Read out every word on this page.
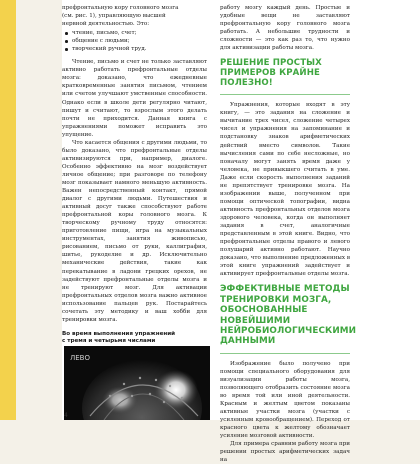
префронтальную кору головного мозга

(см. рис. 1), управляющую высшей

нервной деятельностью. Это:

чтение, письмо, счет;
общение с людьми;
творческий ручной труд.

Чтение, письмо и счет не только заставляют активно работать префронтальные отделы мозга: доказано, что ежедневные кратковременные занятия письмом, чтением или счетом улучшают умственные способности. Однако если в школе дети регулярно читают, пишут и считают, то взрослым этого делать почти не приходится. Данная книга с упражнениями поможет исправить это упущение.

Что касается общения с другими людьми, то было доказано, что префронтальные отделы активизируются при, например, диалоге. Особенно эффективно на мозг воздействует личное общение; при разговоре по телефону мозг показывает намного меньшую активность. Важен непосредственный контакт, прямой диалог с другими людьми. Путешествия и активный досуг также способствуют работе префронтальной коры головного мозга. К творческому ручному труду относятся: приготовление пищи, игра на музыкальных инструментах, занятия живописью, рисованием, письмо от руки, каллиграфия, шитье, рукоделие и др. Исключительно механические действия, такие как перекатывание в ладони грецких орехов, не задействуют префронтальные отделы мозга и не тренируют мозг. Для активации префронтальных отделов мозга важно активное использование пальцев рук. Постарайтесь сочетать эту методику и ваш хобби для тренировки мозга.

Во время выполнения упражнений
с тремя и четырьмя числами
ЛЕВО

работу мозгу каждый день. Простые и удобные вещи не заставляют префронтальную кору головного мозга работать. А небольшие трудности и сложности — это как раз то, что нужно для активизации работы мозга.

РЕШЕНИЕ ПРОСТЫХ ПРИМЕРОВ КРАЙНЕ ПОЛЕЗНО!

Упражнения, которые входят в эту книгу, — это задания на сложение и вычитание трех чисел, сложение четырех чисел и упражнения на запоминание и подстановку знаков арифметических действий вместо символов. Такие вычисления сами по себе несложные, но поначалу могут занять время даже у человека, не привыкшего считать в уме. Даже если скорость выполнения заданий не препятствует тренировке мозга. На изображении выше, полученном при помощи оптической топографии, видна активность префронтальных отделов мозга здорового человека, когда он выполняет задания в счет, аналогичные представленным в этой книге. Видно, что префронтальные отделы правого и левого полушарий активно работают. Научно доказано, что выполнение предложенных в этой книге упражнений задействует и активирует префронтальные отделы мозга.

ЭФФЕКТИВНЫЕ МЕТОДЫ ТРЕНИРОВКИ МОЗГА, ОБОСНОВАННЫЕ НОВЕЙШИМИ НЕЙРОБИОЛОГИЧЕСКИМИ ДАННЫМИ

Изображение было получено при помощи специального оборудования для визуализации работы мозга, позволяющего отобразить состояние мозга во время той или иной деятельности. Красным и желтым цветом показаны активные участки мозга (участки с усиленным кровообращением). Переход от красного цвета к желтому обозначает усиление мозговой активности.

Для примера сравним работу мозга при решении простых арифметических задач на

4
